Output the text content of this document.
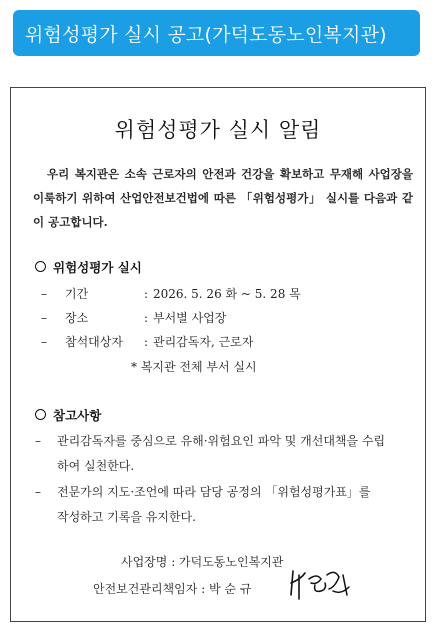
위험성평가 실시 공고(가덕도동노인복지관)
위험성평가 실시 알림
우리 복지관은 소속 근로자의 안전과 건강을 확보하고 무재해 사업장을 이룩하기 위하여 산업안전보건법에 따른 「위험성평가」 실시를 다음과 같이 공고합니다.
위험성평가 실시
– 기간	: 2026. 5. 26 화 ~ 5. 28 목
– 장소	: 부서별 사업장
– 참석대상자 : 관리감독자, 근로자
* 복지관 전체 부서 실시
참고사항
– 관리감독자를 중심으로 유해·위험요인 파악 및 개선대책을 수립
하여 실천한다.
– 전문가의 지도·조언에 따라 담당 공정의 「위험성평가표」를
작성하고 기록을 유지한다.
사업장명 : 가덕도동노인복지관
안전보건관리책임자 : 박 순 규
